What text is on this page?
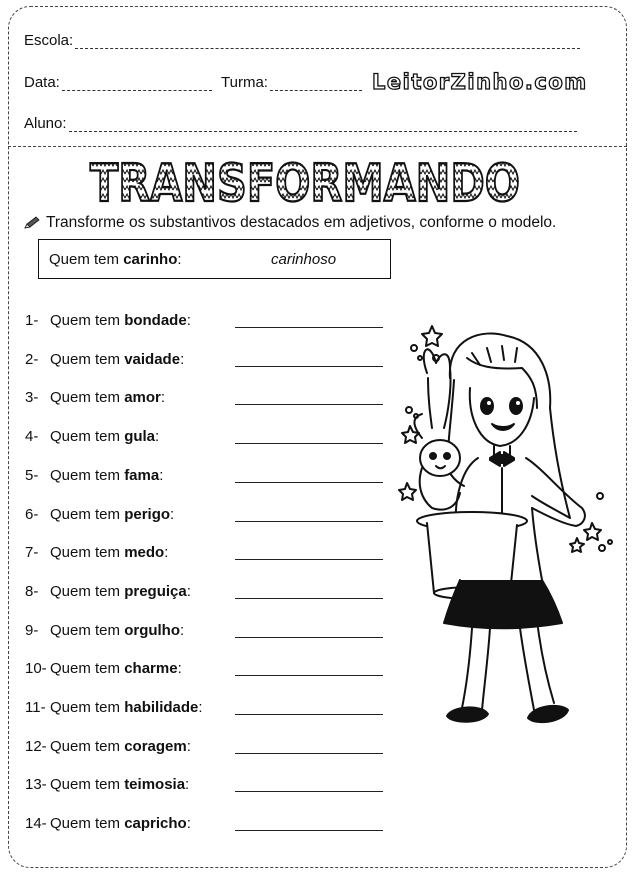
Escola:
Data:	Turma:	LeitorZinho.com
Aluno:
TRANSFORMANDO
Transforme os substantivos destacados em adjetivos, conforme o modelo.
Quem tem carinho:	carinhoso
1- Quem tem bondade:
2- Quem tem vaidade:
3- Quem tem amor:
4- Quem tem gula:
5- Quem tem fama:
6- Quem tem perigo:
7- Quem tem medo:
8- Quem tem preguiça:
9- Quem tem orgulho:
10- Quem tem charme:
11- Quem tem habilidade:
12- Quem tem coragem:
13- Quem tem teimosia:
14- Quem tem capricho:
